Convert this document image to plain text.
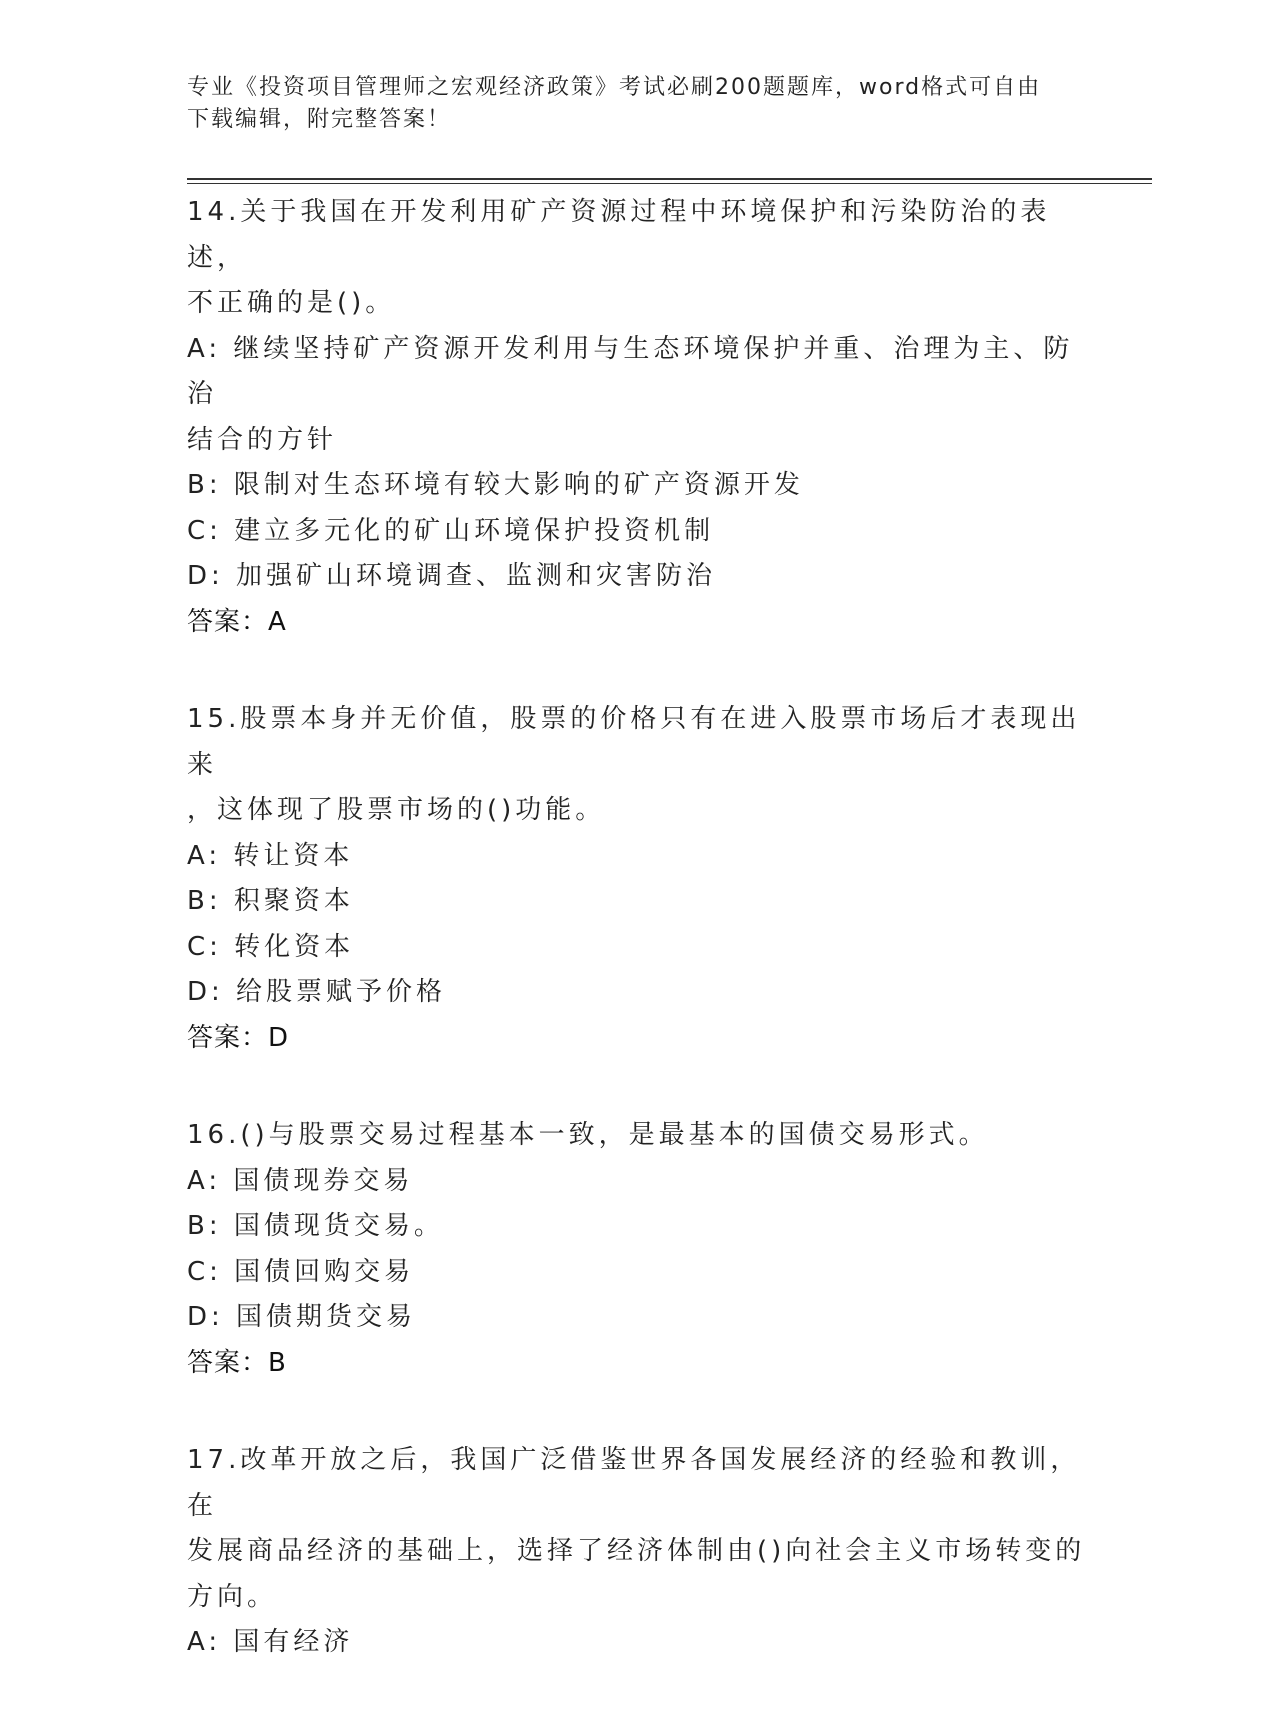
专业《投资项目管理师之宏观经济政策》考试必刷200题题库，word格式可自由
下载编辑，附完整答案！
14.关于我国在开发利用矿产资源过程中环境保护和污染防治的表述，
不正确的是()。
A: 继续坚持矿产资源开发利用与生态环境保护并重、治理为主、防治
结合的方针
B: 限制对生态环境有较大影响的矿产资源开发
C: 建立多元化的矿山环境保护投资机制
D: 加强矿山环境调查、监测和灾害防治
答案：A
15.股票本身并无价值，股票的价格只有在进入股票市场后才表现出来
，这体现了股票市场的()功能。
A: 转让资本
B: 积聚资本
C: 转化资本
D: 给股票赋予价格
答案：D
16.()与股票交易过程基本一致，是最基本的国债交易形式。
A: 国债现券交易
B: 国债现货交易。
C: 国债回购交易
D: 国债期货交易
答案：B
17.改革开放之后，我国广泛借鉴世界各国发展经济的经验和教训，在
发展商品经济的基础上，选择了经济体制由()向社会主义市场转变的
方向。
A: 国有经济
